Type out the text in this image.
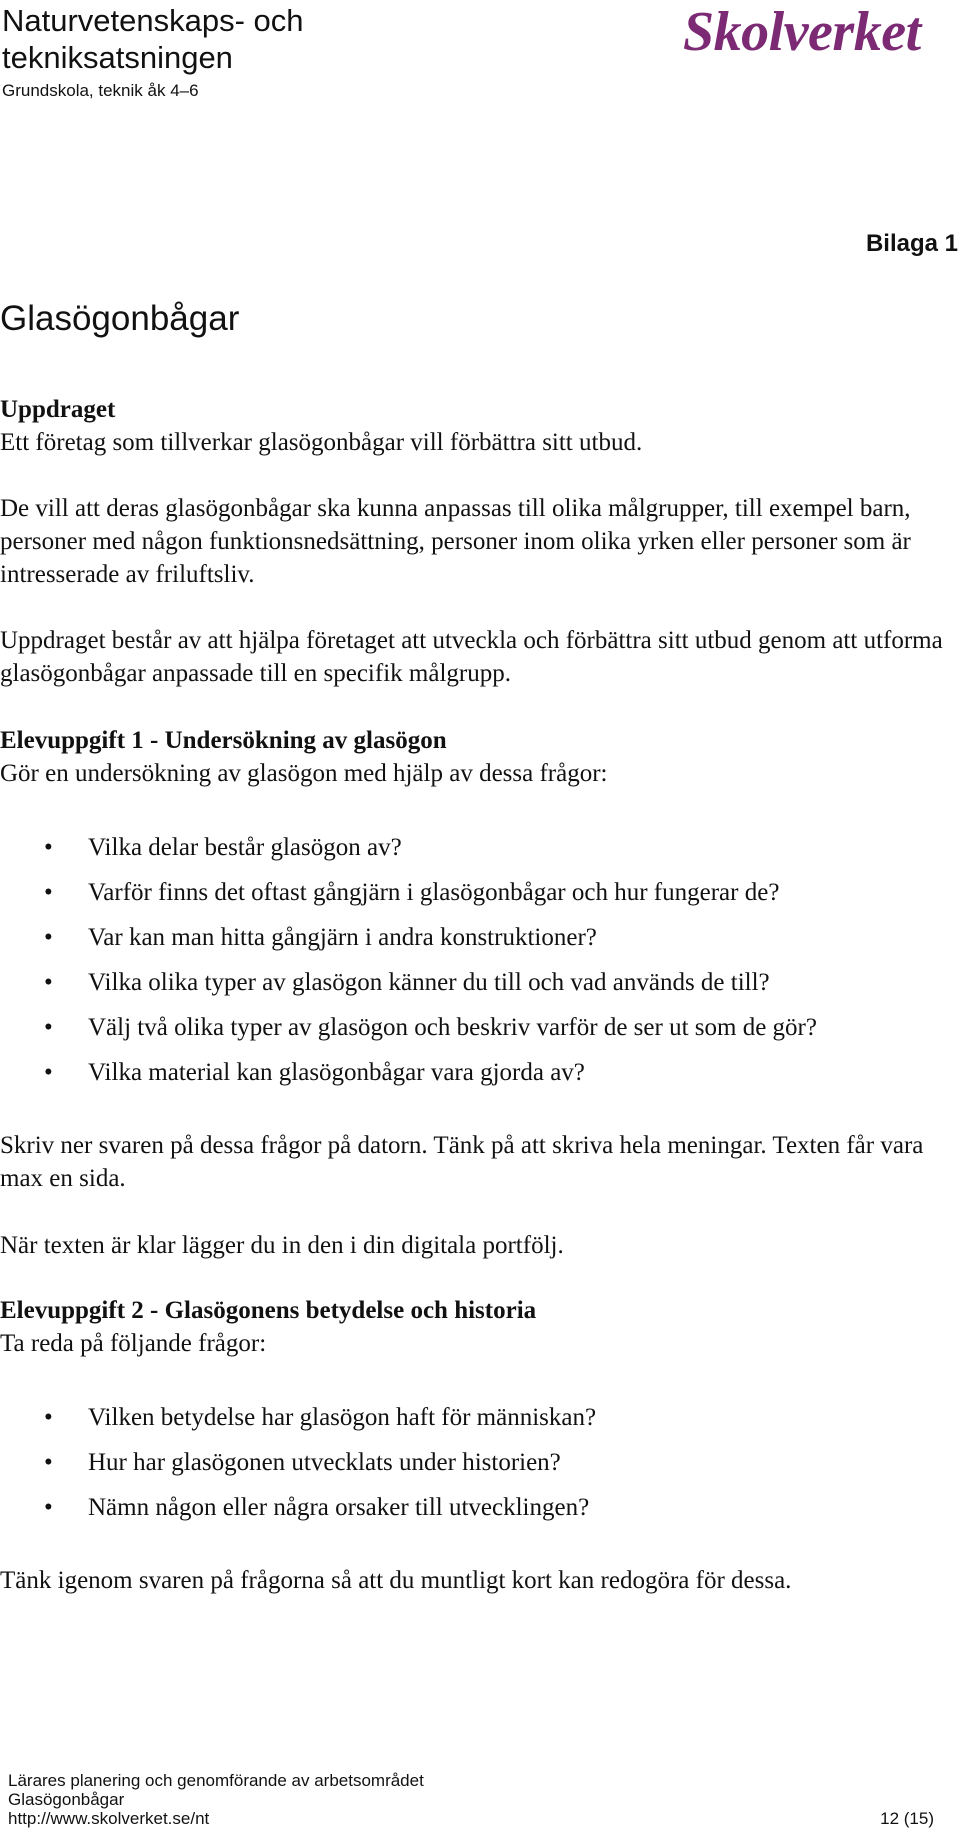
Naturvetenskaps- och
tekniksatsningen
Grundskola, teknik åk 4–6
Skolverket
Bilaga 1
Glasögonbågar
Uppdraget
Ett företag som tillverkar glasögonbågar vill förbättra sitt utbud.
De vill att deras glasögonbågar ska kunna anpassas till olika målgrupper, till exempel barn, personer med någon funktionsnedsättning, personer inom olika yrken eller personer som är intresserade av friluftsliv.
Uppdraget består av att hjälpa företaget att utveckla och förbättra sitt utbud genom att utforma glasögonbågar anpassade till en specifik målgrupp.
Elevuppgift 1 - Undersökning av glasögon
Gör en undersökning av glasögon med hjälp av dessa frågor:
• Vilka delar består glasögon av?
• Varför finns det oftast gångjärn i glasögonbågar och hur fungerar de?
• Var kan man hitta gångjärn i andra konstruktioner?
• Vilka olika typer av glasögon känner du till och vad används de till?
• Välj två olika typer av glasögon och beskriv varför de ser ut som de gör?
• Vilka material kan glasögonbågar vara gjorda av?
Skriv ner svaren på dessa frågor på datorn. Tänk på att skriva hela meningar. Texten får vara max en sida.
När texten är klar lägger du in den i din digitala portfölj.
Elevuppgift 2 - Glasögonens betydelse och historia
Ta reda på följande frågor:
• Vilken betydelse har glasögon haft för människan?
• Hur har glasögonen utvecklats under historien?
• Nämn någon eller några orsaker till utvecklingen?
Tänk igenom svaren på frågorna så att du muntligt kort kan redogöra för dessa.
Lärares planering och genomförande av arbetsområdet
Glasögonbågar
http://www.skolverket.se/nt	12 (15)
